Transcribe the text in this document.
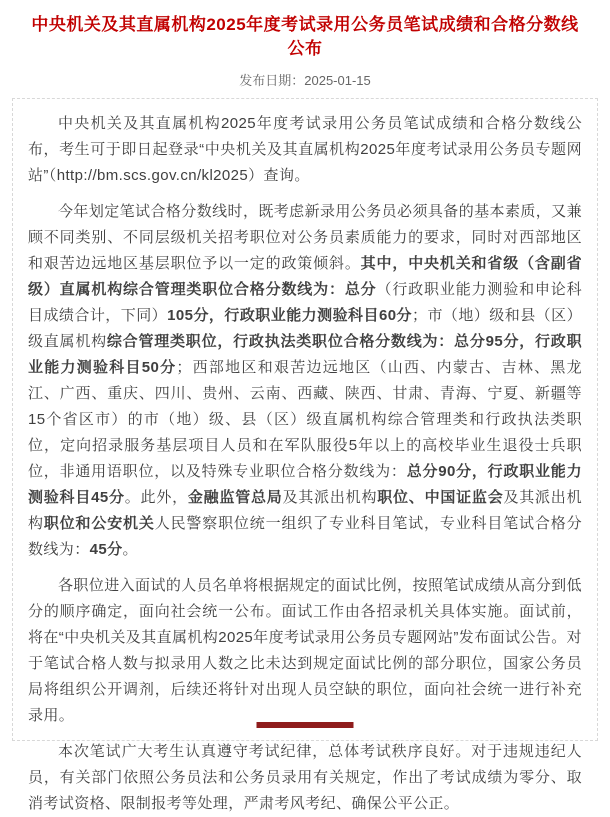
中央机关及其直属机构2025年度考试录用公务员笔试成绩和合格分数线公布
发布日期：2025-01-15

中央机关及其直属机构2025年度考试录用公务员笔试成绩和合格分数线公布，考生可于即日起登录“中央机关及其直属机构2025年度考试录用公务员专题网站”（http://bm.scs.gov.cn/kl2025）查询。

今年划定笔试合格分数线时，既考虑新录用公务员必须具备的基本素质，又兼顾不同类别、不同层级机关招考职位对公务员素质能力的要求，同时对西部地区和艰苦边远地区基层职位予以一定的政策倾斜。其中，中央机关和省级（含副省级）直属机构综合管理类职位合格分数线为：总分（行政职业能力测验和申论科目成绩合计，下同）105分，行政职业能力测验科目60分；市（地）级和县（区）级直属机构综合管理类职位，行政执法类职位合格分数线为：总分95分，行政职业能力测验科目50分；西部地区和艰苦边远地区（山西、内蒙古、吉林、黑龙江、广西、重庆、四川、贵州、云南、西藏、陕西、甘肃、青海、宁夏、新疆等15个省区市）的市（地）级、县（区）级直属机构综合管理类和行政执法类职位，定向招录服务基层项目人员和在军队服役5年以上的高校毕业生退役士兵职位，非通用语职位，以及特殊专业职位合格分数线为：总分90分，行政职业能力测验科目45分。此外，金融监管总局及其派出机构职位、中国证监会及其派出机构职位和公安机关人民警察职位统一组织了专业科目笔试，专业科目笔试合格分数线为：45分。

各职位进入面试的人员名单将根据规定的面试比例，按照笔试成绩从高分到低分的顺序确定，面向社会统一公布。面试工作由各招录机关具体实施。面试前，将在“中央机关及其直属机构2025年度考试录用公务员专题网站”发布面试公告。对于笔试合格人数与拟录用人数之比未达到规定面试比例的部分职位，国家公务员局将组织公开调剂，后续还将针对出现人员空缺的职位，面向社会统一进行补充录用。

本次笔试广大考生认真遵守考试纪律，总体考试秩序良好。对于违规违纪人员，有关部门依照公务员法和公务员录用有关规定，作出了考试成绩为零分、取消考试资格、限制报考等处理，严肃考风考纪、确保公平公正。
